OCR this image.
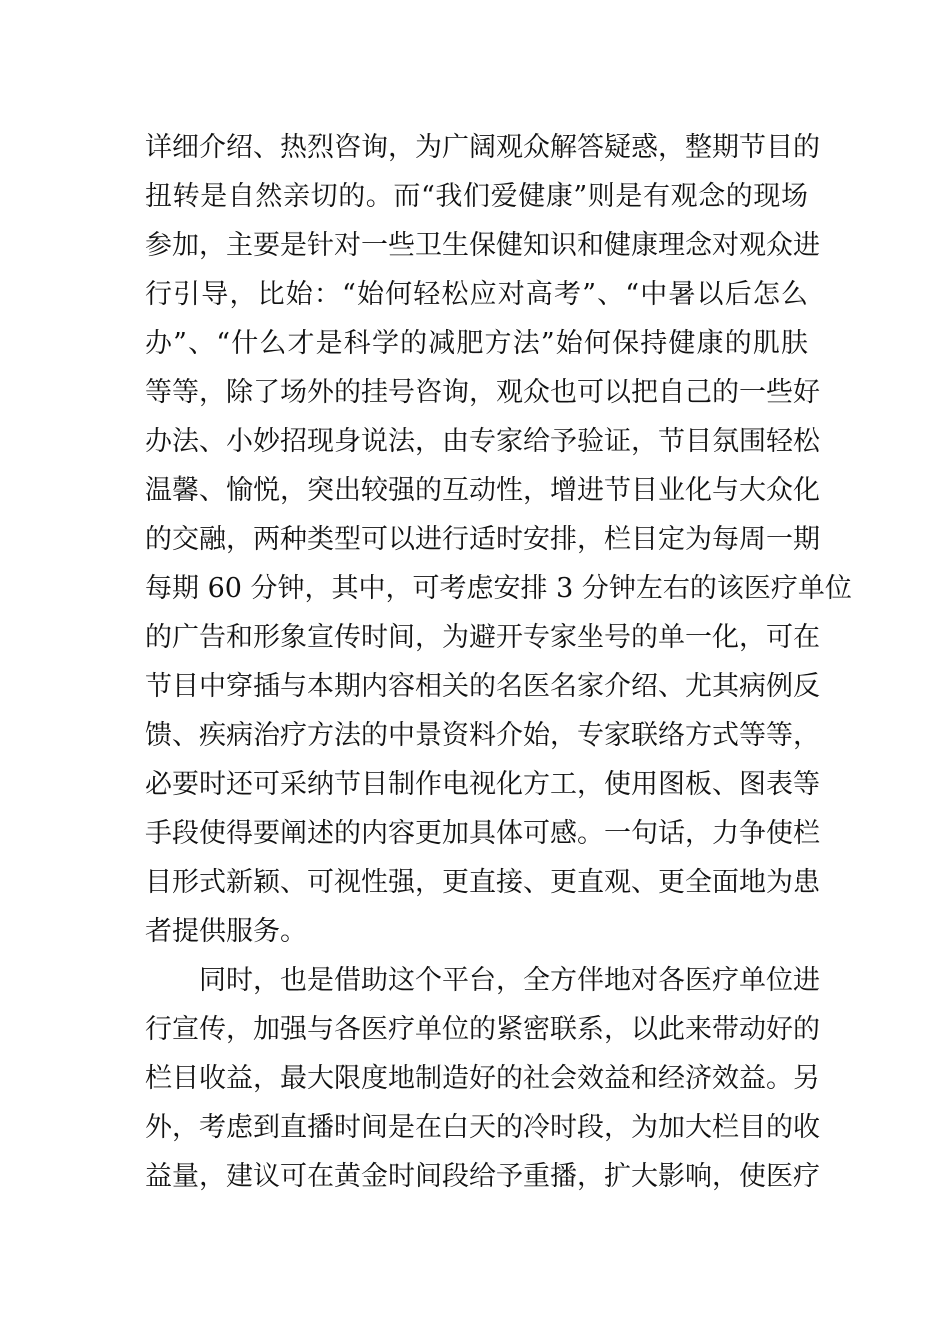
详细介绍、热烈咨询，为广阔观众解答疑惑，整期节目的
扭转是自然亲切的。而“我们爱健康”则是有观念的现场
参加，主要是针对一些卫生保健知识和健康理念对观众进
行引导，比始：“始何轻松应对高考”、“中暑以后怎么
办”、“什么才是科学的减肥方法”始何保持健康的肌肤
等等，除了场外的挂号咨询，观众也可以把自己的一些好
办法、小妙招现身说法，由专家给予验证，节目氛围轻松
温馨、愉悦，突出较强的互动性，增进节目业化与大众化
的交融，两种类型可以进行适时安排，栏目定为每周一期
每期 60 分钟，其中，可考虑安排 3 分钟左右的该医疗单位
的广告和形象宣传时间，为避开专家坐号的单一化，可在
节目中穿插与本期内容相关的名医名家介绍、尤其病例反
馈、疾病治疗方法的中景资料介始，专家联络方式等等，
必要时还可采纳节目制作电视化方工，使用图板、图表等
手段使得要阐述的内容更加具体可感。一句话，力争使栏
目形式新颖、可视性强，更直接、更直观、更全面地为患
者提供服务。
同时，也是借助这个平台，全方伴地对各医疗单位进
行宣传，加强与各医疗单位的紧密联系，以此来带动好的
栏目收益，最大限度地制造好的社会效益和经济效益。另
外，考虑到直播时间是在白天的冷时段，为加大栏目的收
益量，建议可在黄金时间段给予重播，扩大影响，使医疗
